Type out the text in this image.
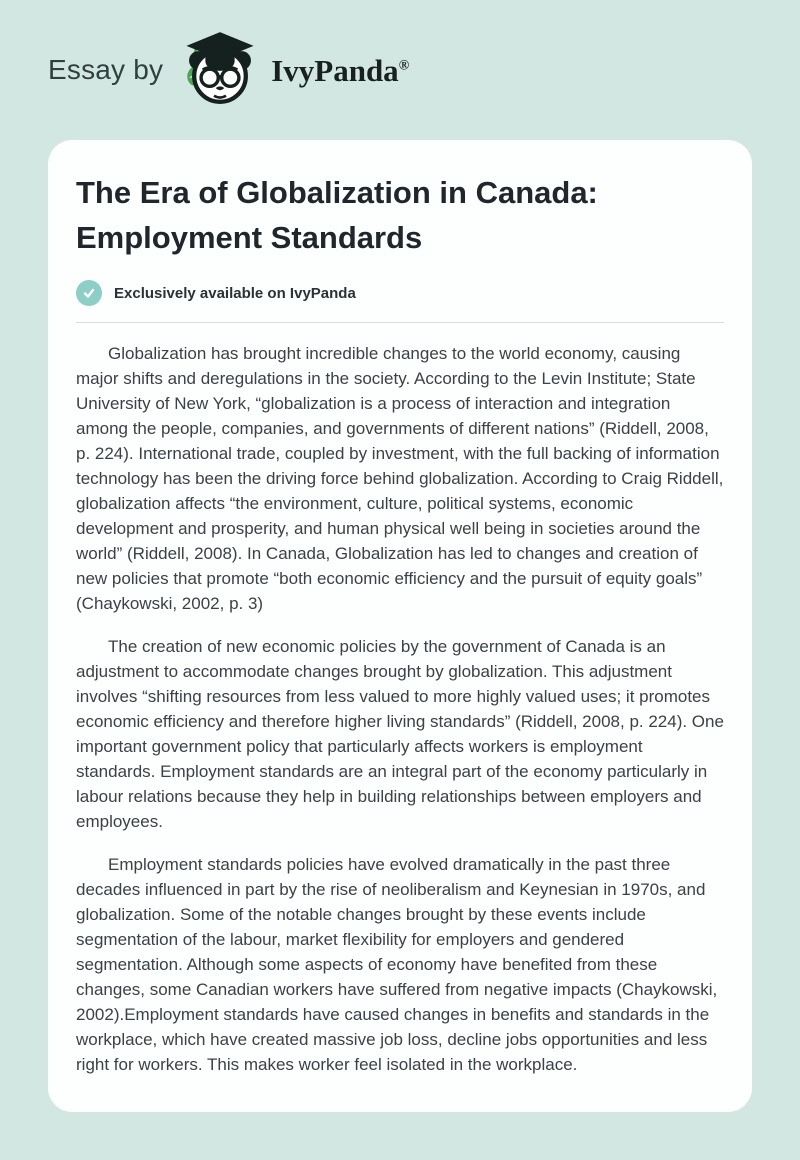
Essay by	IvyPanda®
The Era of Globalization in Canada: Employment Standards
Exclusively available on IvyPanda

Globalization has brought incredible changes to the world economy, causing major shifts and deregulations in the society. According to the Levin Institute; State University of New York, “globalization is a process of interaction and integration among the people, companies, and governments of different nations” (Riddell, 2008, p. 224). International trade, coupled by investment, with the full backing of information technology has been the driving force behind globalization. According to Craig Riddell, globalization affects “the environment, culture, political systems, economic development and prosperity, and human physical well being in societies around the world” (Riddell, 2008). In Canada, Globalization has led to changes and creation of new policies that promote “both economic efficiency and the pursuit of equity goals” (Chaykowski, 2002, p. 3)

The creation of new economic policies by the government of Canada is an adjustment to accommodate changes brought by globalization. This adjustment involves “shifting resources from less valued to more highly valued uses; it promotes economic efficiency and therefore higher living standards” (Riddell, 2008, p. 224). One important government policy that particularly affects workers is employment standards. Employment standards are an integral part of the economy particularly in labour relations because they help in building relationships between employers and employees.

Employment standards policies have evolved dramatically in the past three decades influenced in part by the rise of neoliberalism and Keynesian in 1970s, and globalization. Some of the notable changes brought by these events include segmentation of the labour, market flexibility for employers and gendered segmentation. Although some aspects of economy have benefited from these changes, some Canadian workers have suffered from negative impacts (Chaykowski, 2002).Employment standards have caused changes in benefits and standards in the workplace, which have created massive job loss, decline jobs opportunities and less right for workers. This makes worker feel isolated in the workplace.
